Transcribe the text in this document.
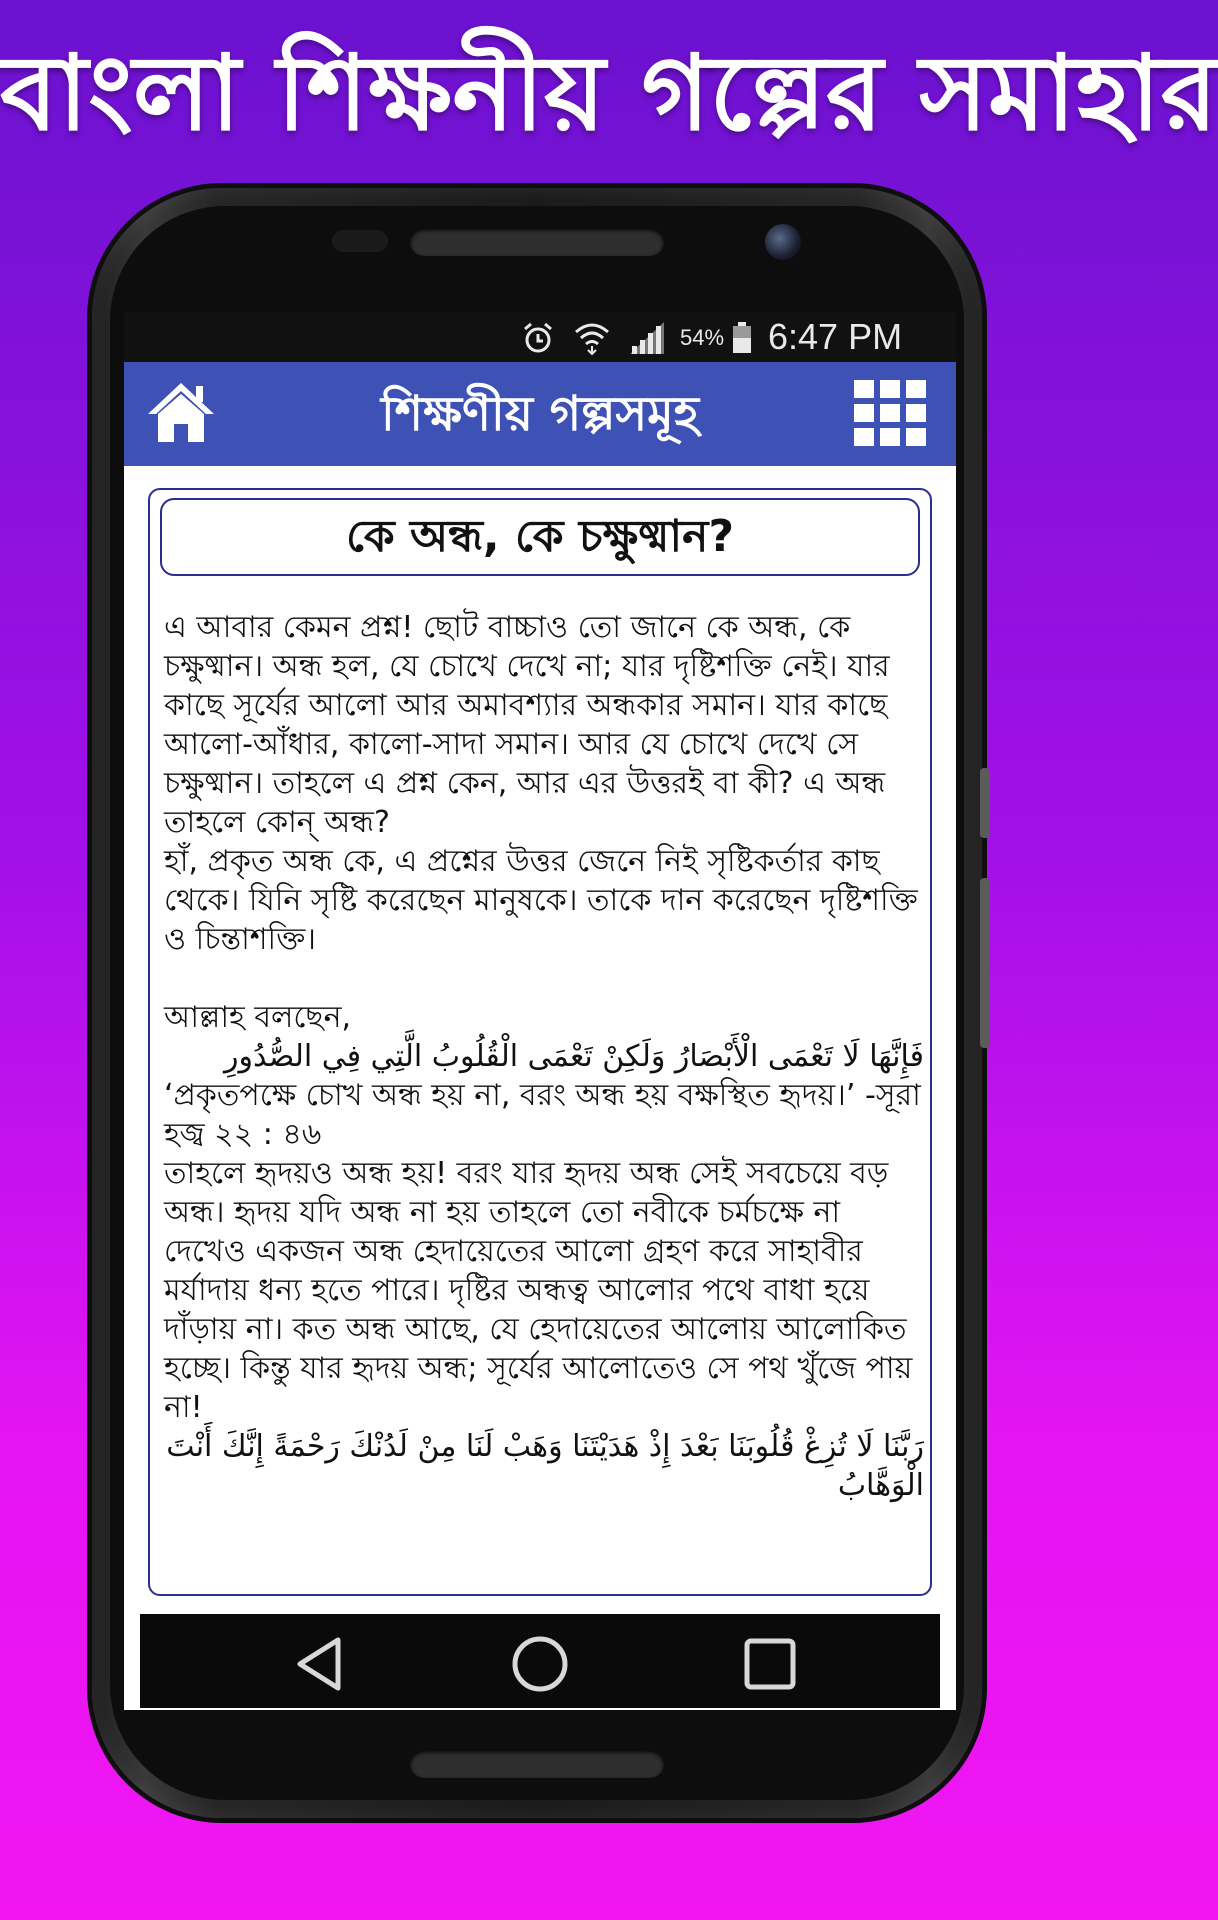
বাংলা শিক্ষনীয় গল্পের সমাহার
54% 6:47 PM
শিক্ষণীয় গল্পসমূহ
কে অন্ধ, কে চক্ষুষ্মান?

এ আবার কেমন প্রশ্ন! ছোট বাচ্চাও তো জানে কে অন্ধ, কে চক্ষুষ্মান। অন্ধ হল, যে চোখে দেখে না; যার দৃষ্টিশক্তি নেই। যার কাছে সূর্যের আলো আর অমাবশ্যার অন্ধকার সমান। যার কাছে আলো-আঁধার, কালো-সাদা সমান। আর যে চোখে দেখে সে চক্ষুষ্মান। তাহলে এ প্রশ্ন কেন, আর এর উত্তরই বা কী? এ অন্ধ তাহলে কোন্ অন্ধ?

হাঁ, প্রকৃত অন্ধ কে, এ প্রশ্নের উত্তর জেনে নিই সৃষ্টিকর্তার কাছ থেকে। যিনি সৃষ্টি করেছেন মানুষকে। তাকে দান করেছেন দৃষ্টিশক্তি ও চিন্তাশক্তি।

আল্লাহ বলছেন,

فَإِنَّهَا لَا تَعْمَى الْأَبْصَارُ وَلَكِنْ تَعْمَى الْقُلُوبُ الَّتِي فِي الصُّدُورِ

‘প্রকৃতপক্ষে চোখ অন্ধ হয় না, বরং অন্ধ হয় বক্ষস্থিত হৃদয়।’ -সূরা হজ্ব ২২ : ৪৬

তাহলে হৃদয়ও অন্ধ হয়! বরং যার হৃদয় অন্ধ সেই সবচেয়ে বড় অন্ধ। হৃদয় যদি অন্ধ না হয় তাহলে তো নবীকে চর্মচক্ষে না দেখেও একজন অন্ধ হেদায়েতের আলো গ্রহণ করে সাহাবীর মর্যাদায় ধন্য হতে পারে। দৃষ্টির অন্ধত্ব আলোর পথে বাধা হয়ে দাঁড়ায় না। কত অন্ধ আছে, যে হেদায়েতের আলোয় আলোকিত হচ্ছে। কিন্তু যার হৃদয় অন্ধ; সূর্যের আলোতেও সে পথ খুঁজে পায় না!

رَبَّنَا لَا تُزِغْ قُلُوبَنَا بَعْدَ إِذْ هَدَيْتَنَا وَهَبْ لَنَا مِنْ لَدُنْكَ رَحْمَةً إِنَّكَ أَنْتَ الْوَهَّابُ
